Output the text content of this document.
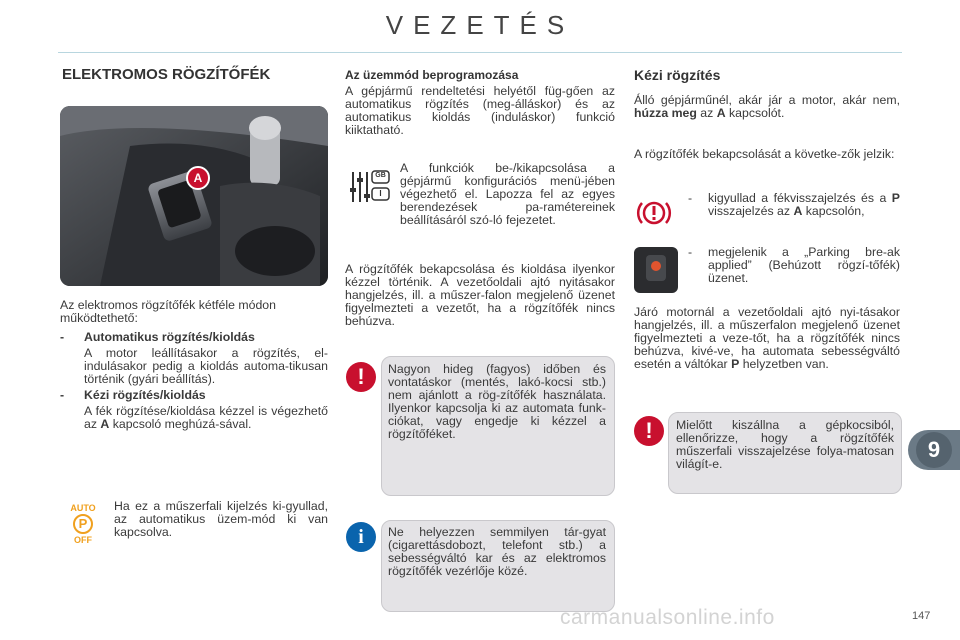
VEZETÉS
ELEKTROMOS RÖGZÍTŐFÉK
A
Az elektromos rögzítőfék kétféle módon működtethető:
- Automatikus rögzítés/kioldás
A motor leállításakor a rögzítés, el-indulásakor pedig a kioldás automa-tikusan történik (gyári beállítás).
- Kézi rögzítés/kioldás
A fék rögzítése/kioldása kézzel is végezhető az A kapcsoló meghúzá-sával.
AUTO
P
OFF
Ha ez a műszerfali kijelzés ki-gyullad, az automatikus üzem-mód ki van kapcsolva.
Az üzemmód beprogramozása
A gépjármű rendeltetési helyétől füg-gően az automatikus rögzítés (meg-álláskor) és az automatikus kioldás (induláskor) funkció kiiktatható.
GB
I
A funkciók be-/kikapcsolása a gépjármű konfigurációs menü-jében végezhető el. Lapozza fel az egyes berendezések pa-ramétereinek beállításáról szó-ló fejezetet.
A rögzítőfék bekapcsolása és kioldása ilyenkor kézzel történik. A vezetőoldali ajtó nyitásakor hangjelzés, ill. a műszer-falon megjelenő üzenet figyelmezteti a vezetőt, ha a rögzítőfék nincs behúzva.
!	Nagyon hideg (fagyos) időben és vontatáskor (mentés, lakó-kocsi stb.) nem ajánlott a rög-zítőfék használata. Ilyenkor kapcsolja ki az automata funk-ciókat, vagy engedje ki kézzel a rögzítőféket.
i	Ne helyezzen semmilyen tár-gyat (cigarettásdobozt, telefont stb.) a sebességváltó kar és az elektromos rögzítőfék vezérlője közé.
Kézi rögzítés
Álló gépjárműnél, akár jár a motor, akár nem, húzza meg az A kapcsolót.
A rögzítőfék bekapcsolását a követke-zők jelzik:
- kigyullad a fékvisszajelzés és a P visszajelzés az A kapcsolón,
- megjelenik a „Parking bre-ak applied” (Behúzott rögzí-tőfék) üzenet.
Járó motornál a vezetőoldali ajtó nyi-tásakor hangjelzés, ill. a műszerfalon megjelenő üzenet figyelmezteti a veze-tőt, ha a rögzítőfék nincs behúzva, kivé-ve, ha automata sebességváltó esetén a váltókar P helyzetben van.
!	Mielőtt kiszállna a gépkocsiból, ellenőrizze, hogy a rögzítőfék műszerfali visszajelzése folya-matosan világít-e.
9
carmanualsonline.info	147
